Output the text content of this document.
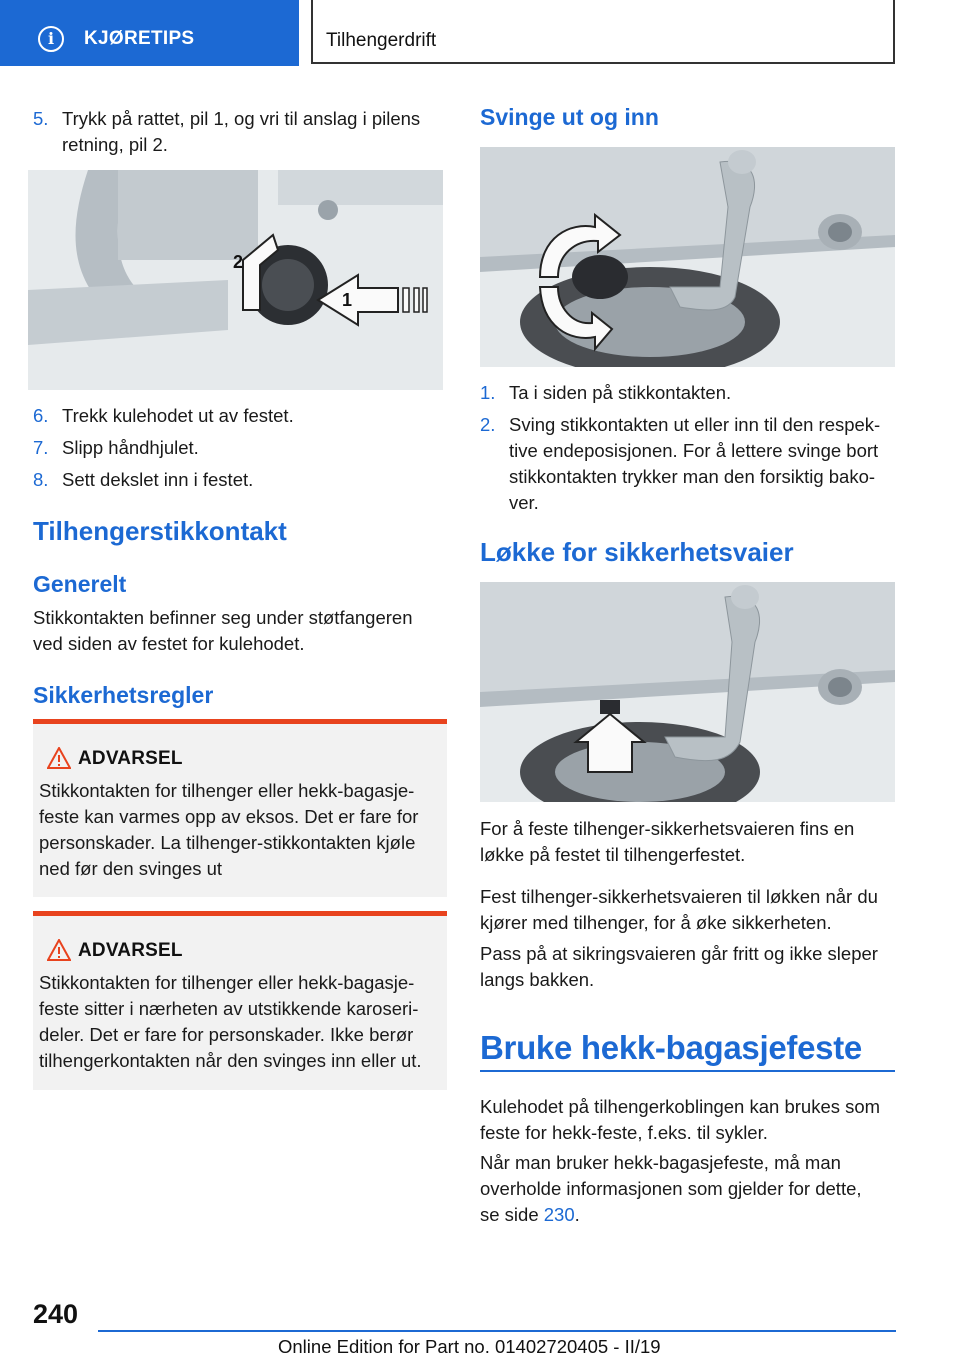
i	KJØRETIPS	Tilhengerdrift
5. Trykk på rattet, pil 1, og vri til anslag i pilens
retning, pil 2.
2
1
6. Trekk kulehodet ut av festet.
7. Slipp håndhjulet.
8. Sett dekslet inn i festet.
Tilhengerstikkontakt
Generelt
Stikkontakten befinner seg under støtfangeren
ved siden av festet for kulehodet.
Sikkerhetsregler
ADVARSEL
Stikkontakten for tilhenger eller hekk-bagasje-
feste kan varmes opp av eksos. Det er fare for
personskader. La tilhenger-stikkontakten kjøle
ned før den svinges ut
ADVARSEL
Stikkontakten for tilhenger eller hekk-bagasje-
feste sitter i nærheten av utstikkende karoseri-
deler. Det er fare for personskader. Ikke berør
tilhengerkontakten når den svinges inn eller ut.
Svinge ut og inn
1. Ta i siden på stikkontakten.
2. Sving stikkontakten ut eller inn til den respek-
tive endeposisjonen. For å lettere svinge bort
stikkontakten trykker man den forsiktig bako-
ver.
Løkke for sikkerhetsvaier
For å feste tilhenger-sikkerhetsvaieren fins en
løkke på festet til tilhengerfestet.
Fest tilhenger-sikkerhetsvaieren til løkken når du
kjører med tilhenger, for å øke sikkerheten.
Pass på at sikringsvaieren går fritt og ikke sleper
langs bakken.
Bruke hekk-bagasjefeste
Kulehodet på tilhengerkoblingen kan brukes som
feste for hekk-feste, f.eks. til sykler.
Når man bruker hekk-bagasjefeste, må man
overholde informasjonen som gjelder for dette,
se side 230.
240
Online Edition for Part no. 01402720405 - II/19
